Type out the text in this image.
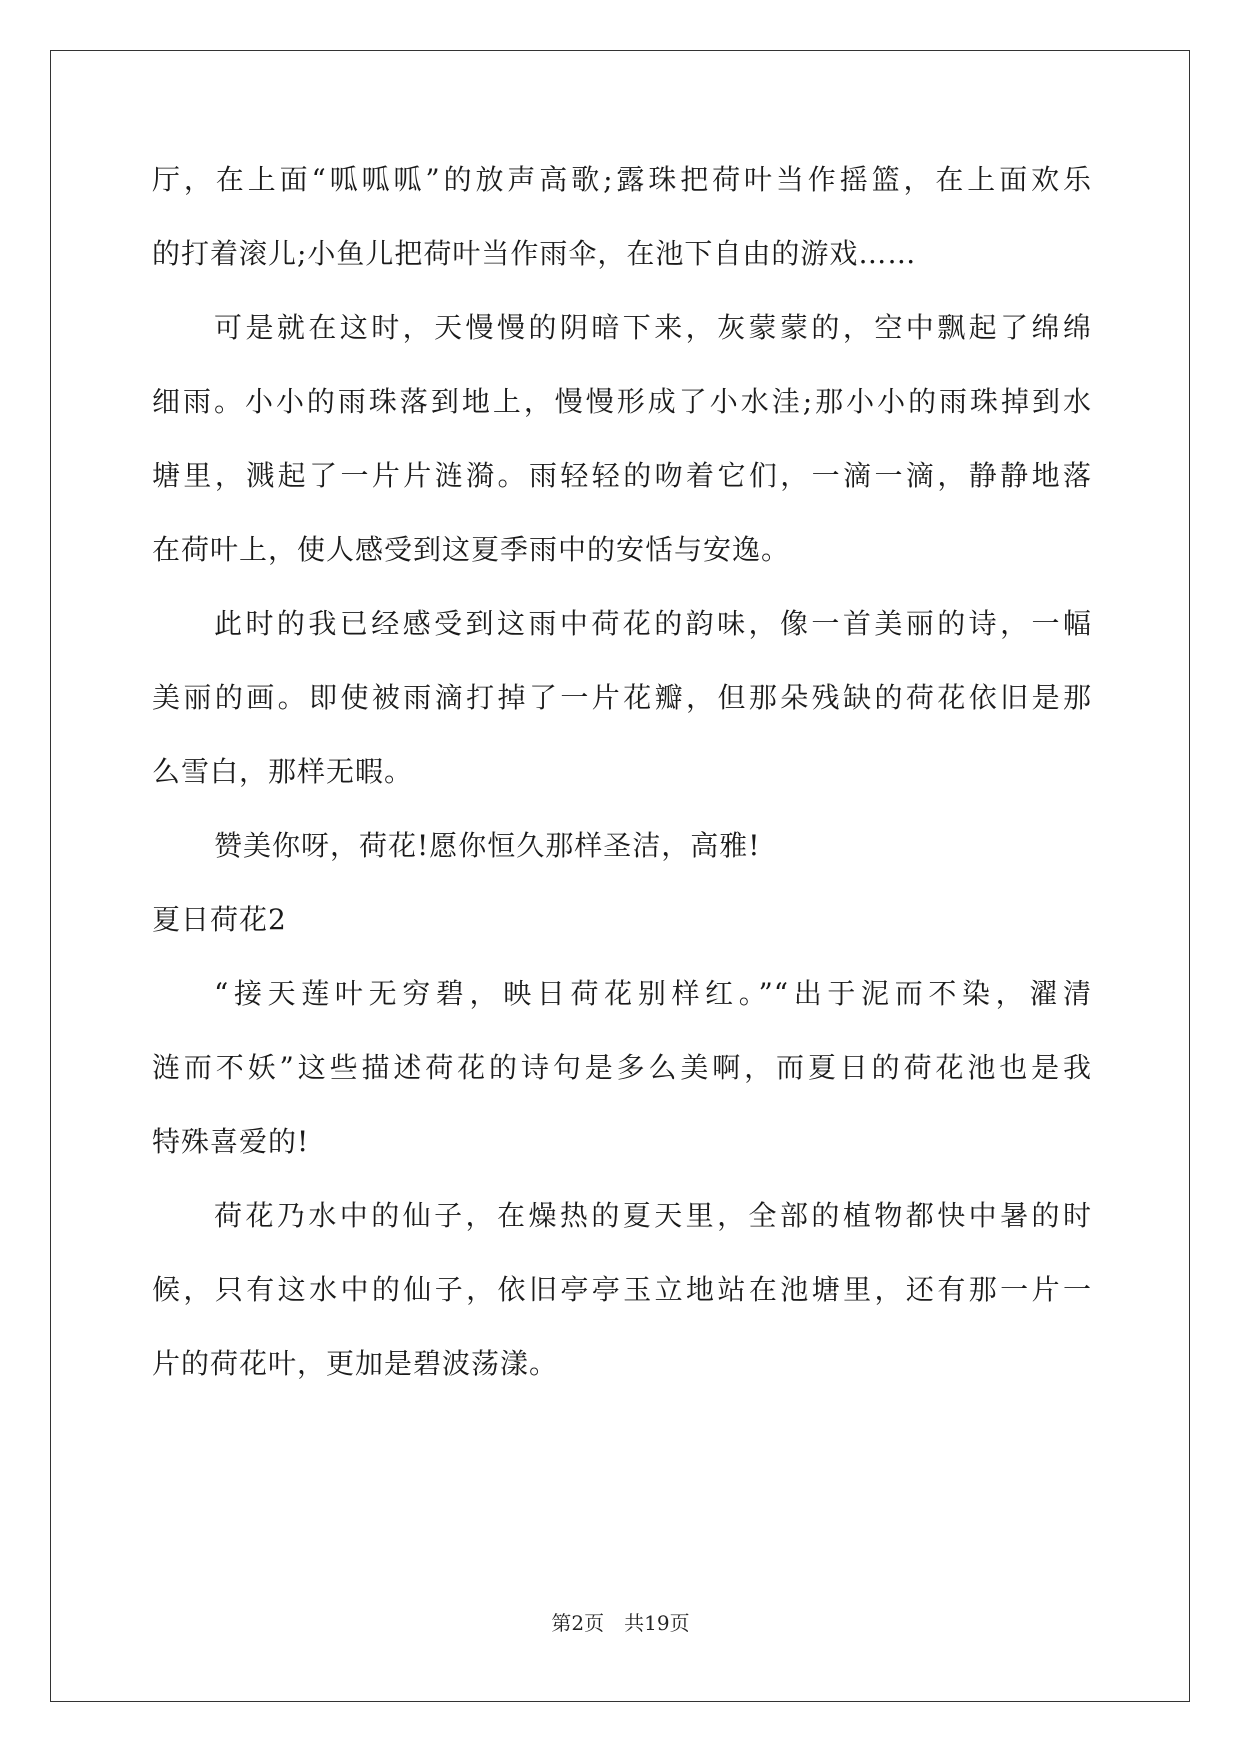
厅，在上面“呱呱呱”的放声高歌;露珠把荷叶当作摇篮，在上面欢乐
的打着滚儿;小鱼儿把荷叶当作雨伞，在池下自由的游戏……
可是就在这时，天慢慢的阴暗下来，灰蒙蒙的，空中飘起了绵绵
细雨。小小的雨珠落到地上，慢慢形成了小水洼;那小小的雨珠掉到水
塘里，溅起了一片片涟漪。雨轻轻的吻着它们，一滴一滴，静静地落
在荷叶上，使人感受到这夏季雨中的安恬与安逸。
此时的我已经感受到这雨中荷花的韵味，像一首美丽的诗，一幅
美丽的画。即使被雨滴打掉了一片花瓣，但那朵残缺的荷花依旧是那
么雪白，那样无暇。
赞美你呀，荷花!愿你恒久那样圣洁，高雅!
夏日荷花2
“接天莲叶无穷碧，映日荷花别样红。”“出于泥而不染，濯清
涟而不妖”这些描述荷花的诗句是多么美啊，而夏日的荷花池也是我
特殊喜爱的!
荷花乃水中的仙子，在燥热的夏天里，全部的植物都快中暑的时
候，只有这水中的仙子，依旧亭亭玉立地站在池塘里，还有那一片一
片的荷花叶，更加是碧波荡漾。
第2页　共19页
